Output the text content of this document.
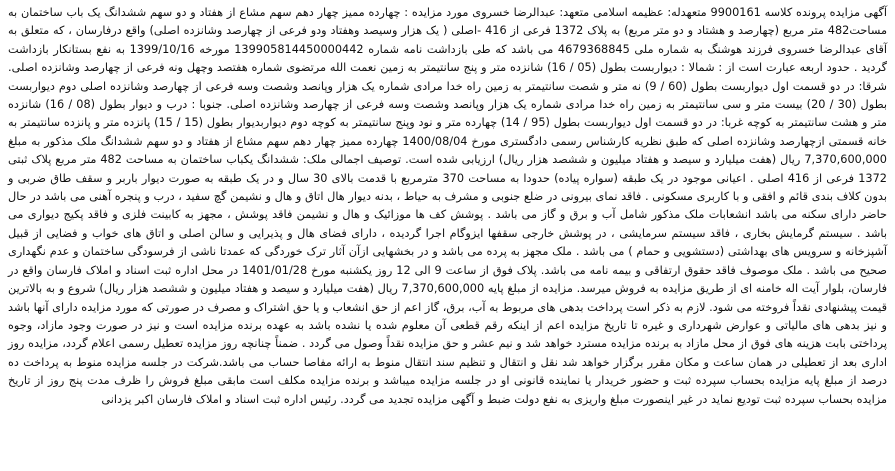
آگهی مزایده پرونده کلاسه 9900161 متعهدله: عظیمه اسلامی متعهد: عبدالرضا خسروی مورد مزایده : چهارده ممیز چهار دهم سهم مشاع از هفتاد و دو سهم ششدانگ یک باب ساختمان به مساحت482 متر مربع (چهارصد و هشتاد و دو متر مربع) به پلاک 1372 فرعی از 416 -اصلی ( یک هزار وسیصد وهفتاد ودو فرعی از چهارصد وشانزده اصلی) واقع درفارسان ، که متعلق به آقای عبدالرضا خسروی فرزند هوشنگ به شماره ملی 4679368845 می باشد که طی بازداشت نامه شماره 139905814450000442 مورخه 1399/10/16 به نفع بستانکار بازداشت گردید . حدود اربعه عبارت است از : شمالا : دیواربست بطول (05 / 16) شانزده متر و پنج سانتیمتر به زمین نعمت الله مرتضوی شماره هفتصد وچهل ونه فرعی از چهارصد وشانزده اصلی. شرقا: در دو قسمت اول دیواربست بطول (60 / 9) نه متر و شصت سانتیمتر به زمین راه خدا مرادی شماره یک هزار وپانصد وشصت وسه فرعی از چهارصد وشانزده اصلی دوم دیواربست بطول (30 / 20) بیست متر و سی سانتیمتر به زمین راه خدا مرادی شماره یک هزار وپانصد وشصت وسه فرعی از چهارصد وشانزده اصلی. جنوبا : درب و دیوار بطول (08 / 16) شانزده متر و هشت سانتیمتر به کوچه غربا: در دو قسمت اول دیواربست بطول (95 / 14) چهارده متر و نود وپنج سانتیمتر به کوچه دوم دیواربدیوار بطول (15 / 15) پانزده متر و پانزده سانتیمتر به خانه قسمتی ازچهارصد وشانزده اصلی که طبق نظریه کارشناس رسمی دادگستری مورخ 1400/08/04 چهارده ممیز چهار دهم سهم مشاع از هفتاد و دو سهم ششدانگ ملک مذکور به مبلغ 7,370,600,000 ریال (هفت میلیارد و سیصد و هفتاد میلیون و ششصد هزار ریال) ارزیابی شده است. توصیف اجمالی ملک: ششدانگ یکباب ساختمان به مساحت 482 متر مربع پلاک ثبتی 1372 فرعی از 416 اصلی . اعیانی موجود در یک طبقه (سواره پیاده) حدودا به مساحت 370 مترمربع با قدمت بالای 30 سال و در یک طبقه به صورت دیوار باربر و سقف طاق ضربی و بدون کلاف بندی قائم و افقی و با کاربری مسکونی . فاقد نمای بیرونی در ضلع جنوبی و مشرف به حیاط ، بدنه دیوار هال اتاق و هال و نشیمن گچ سفید ، درب و پنجره آهنی می باشد در حال حاضر دارای سکنه می باشد انشعابات ملک مذکور شامل آب و برق و گاز می باشد . پوشش کف ها موزائیک و هال و نشیمن فاقد پوشش ، مجهز به کابینت فلزی و فاقد پکیج دیواری می باشد . سیستم گرمایش بخاری ، فاقد سیستم سرمایشی ، در پوشش خارجی سقفها ایزوگام اجرا گردیده ، دارای فضای هال و پذیرایی و سالن اصلی و اتاق های خواب و فضایی از قبیل آشپزخانه و سرویس های بهداشتی (دستشویی و حمام ) می باشد . ملک مجهز به پرده می باشد و در بخشهایی ازآن آثار ترک خوردگی که عمدتا ناشی از فرسودگی ساختمان و عدم نگهداری صحیح می باشد . ملک موصوف فاقد حقوق ارتفاقی و بیمه نامه می باشد. پلاک فوق از ساعت 9 الی 12 روز یکشنبه مورخ 1401/01/28 در محل اداره ثبت اسناد و املاک فارسان واقع در فارسان، بلوار آیت اله خامنه ای از طریق مزایده به فروش میرسد. مزایده از مبلغ پایه 7,370,600,000 ریال (هفت میلیارد و سیصد و هفتاد میلیون و ششصد هزار ریال) شروع و به بالاترین قیمت پیشنهادی نقداً فروخته می شود. لازم به ذکر است پرداخت بدهی های مربوط به آب، برق، گاز اعم از حق انشعاب و یا حق اشتراک و مصرف در صورتی که مورد مزایده دارای آنها باشد و نیز بدهی های مالیاتی و عوارض شهرداری و غیره تا تاریخ مزایده اعم از اینکه رقم قطعی آن معلوم شده یا نشده باشد به عهده برنده مزایده است و نیز در صورت وجود مازاد، وجوه پرداختی بابت هزینه های فوق از محل مازاد به برنده مزایده مسترد خواهد شد و نیم عشر و حق مزایده نقداً وصول می گردد . ضمناً چنانچه روز مزایده تعطیل رسمی اعلام گردد، مزایده روز اداری بعد از تعطیلی در همان ساعت و مکان مقرر برگزار خواهد شد نقل و انتقال و تنظیم سند انتقال منوط به ارائه مفاصا حساب می باشد.شرکت در جلسه مزایده منوط به پرداخت ده درصد از مبلغ پایه مزایده بحساب سپرده ثبت و حضور خریدار یا نماینده قانونی او در جلسه مزایده میباشد و برنده مزایده مکلف است مابقی مبلغ فروش را ظرف مدت پنج روز از تاریخ مزایده بحساب سپرده ثبت تودیع نماید در غیر اینصورت مبلغ واریزی به نفع دولت ضبط و آگهی مزایده تجدید می گردد. رئیس اداره ثبت اسناد و املاک فارسان اکبر یزدانی
